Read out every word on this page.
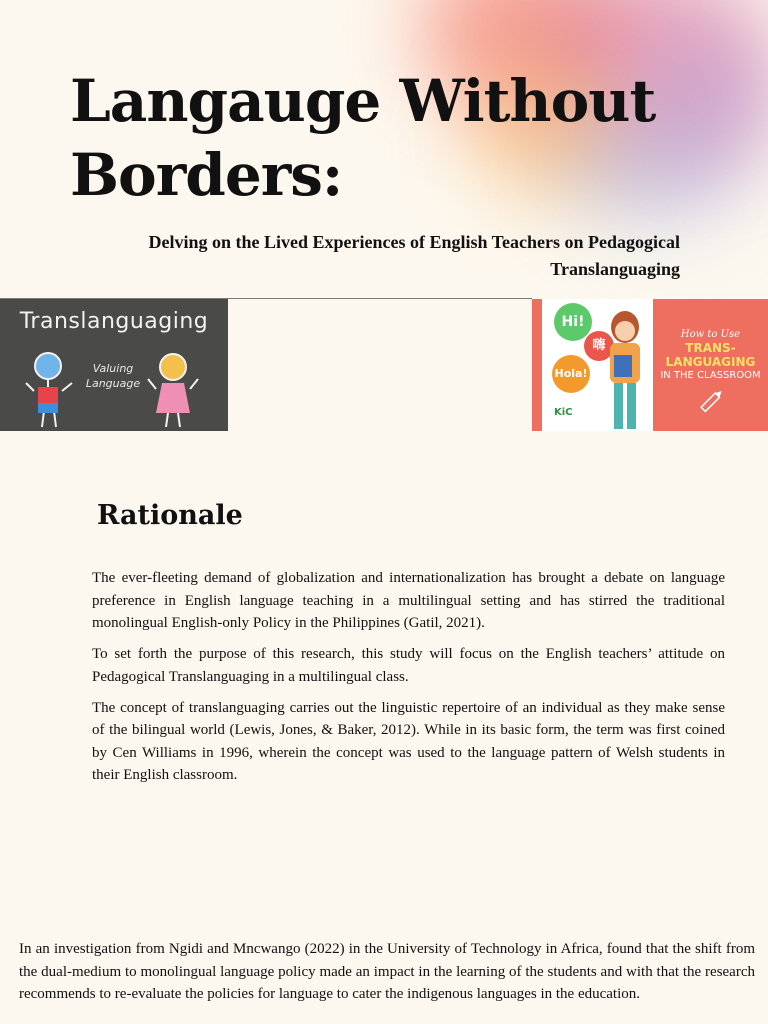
Langauge Without Borders:
Delving on the Lived Experiences of English Teachers on Pedagogical Translanguaging
Translanguaging
Valuing Language
Hi!
嗨
Hola!
KiC
How to Use
TRANS-LANGUAGING
IN THE CLASSROOM
Rationale

The ever-fleeting demand of globalization and internationalization has brought a debate on language preference in English language teaching in a multilingual setting and has stirred the traditional monolingual English-only Policy in the Philippines (Gatil, 2021).

To set forth the purpose of this research, this study will focus on the English teachers’ attitude on Pedagogical Translanguaging in a multilingual class.

The concept of translanguaging carries out the linguistic repertoire of an individual as they make sense of the bilingual world (Lewis, Jones, & Baker, 2012). While in its basic form, the term was first coined by Cen Williams in 1996, wherein the concept was used to the language pattern of Welsh students in their English classroom.

In an investigation from Ngidi and Mncwango (2022) in the University of Technology in Africa, found that the shift from the dual-medium to monolingual language policy made an impact in the learning of the students and with that the research recommends to re-evaluate the policies for language to cater the indigenous languages in the education.
